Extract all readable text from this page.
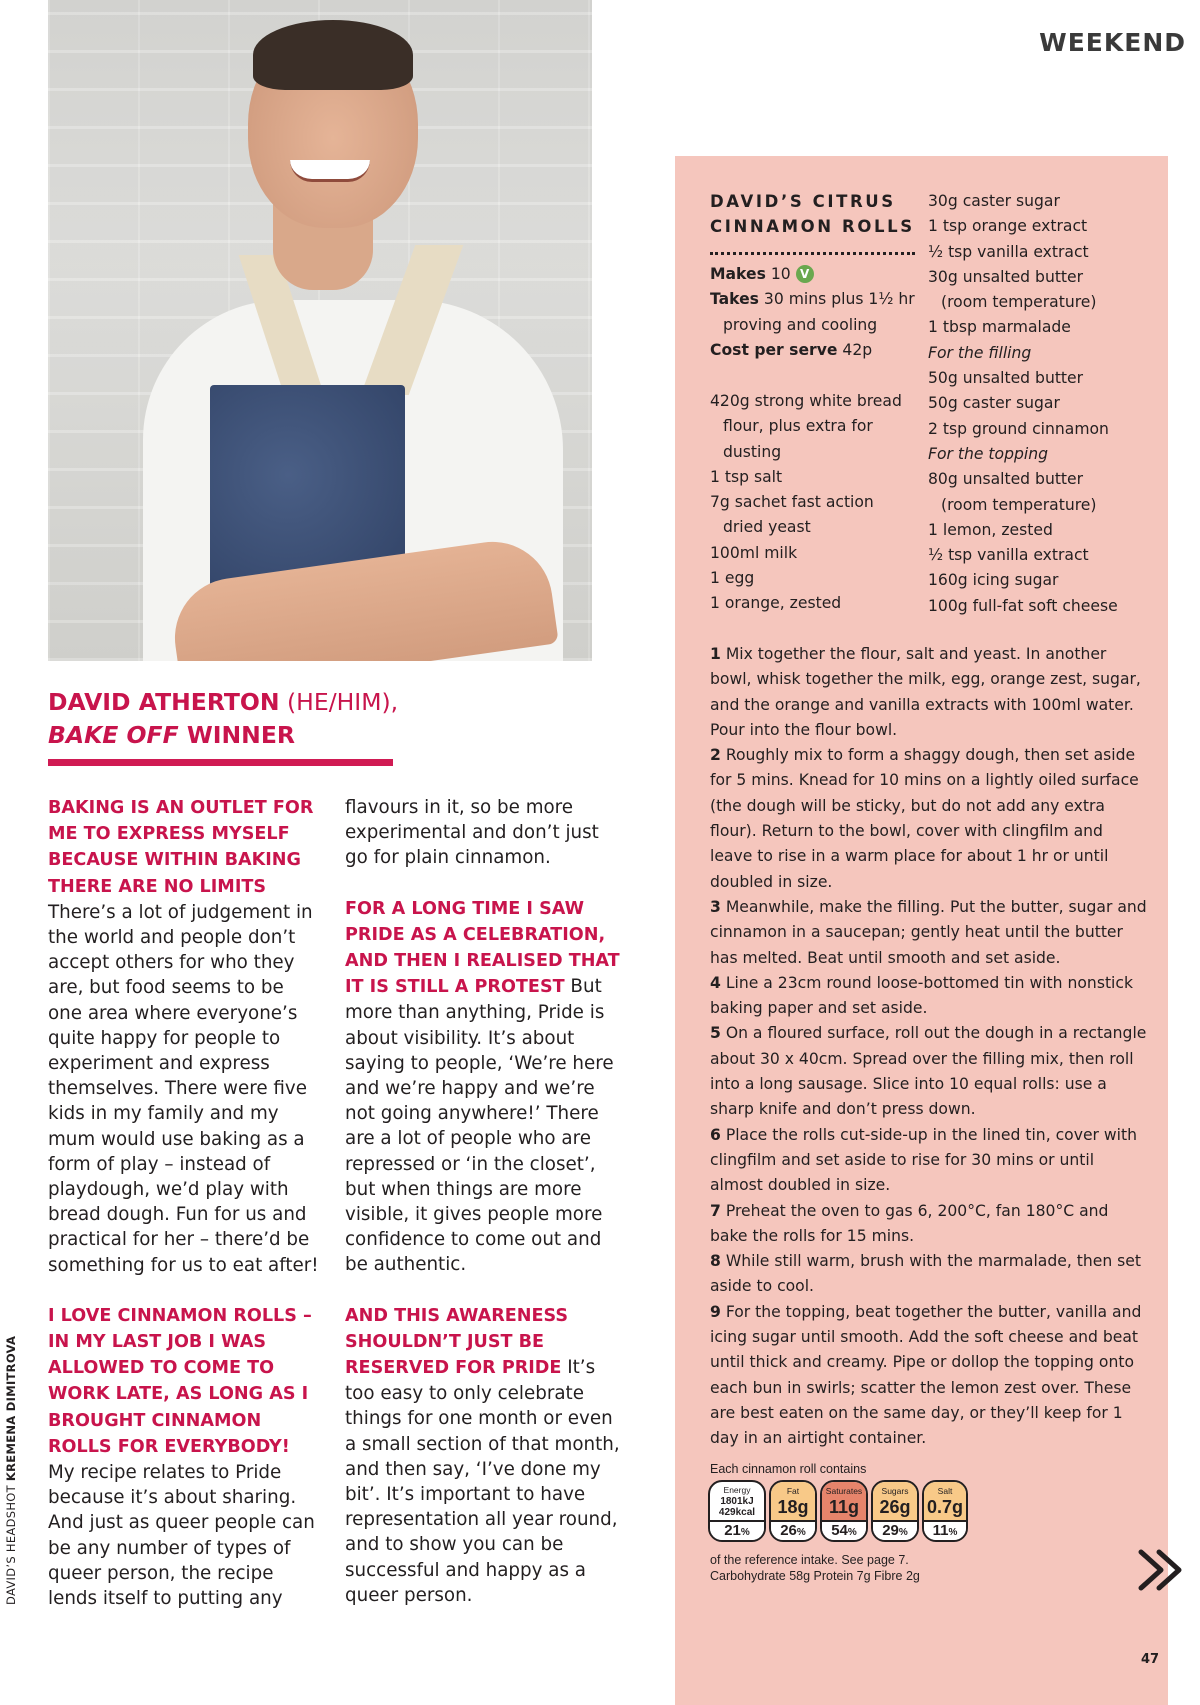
WEEKEND
DAVID ATHERTON (HE/HIM),
BAKE OFF WINNER
BAKING IS AN OUTLET FOR ME TO EXPRESS MYSELF BECAUSE WITHIN BAKING THERE ARE NO LIMITS
There’s a lot of judgement in the world and people don’t accept others for who they are, but food seems to be one area where everyone’s quite happy for people to experiment and express themselves. There were five kids in my family and my mum would use baking as a form of play – instead of playdough, we’d play with bread dough. Fun for us and practical for her – there’d be something for us to eat after!
I LOVE CINNAMON ROLLS – IN MY LAST JOB I WAS ALLOWED TO COME TO WORK LATE, AS LONG AS I BROUGHT CINNAMON ROLLS FOR EVERYBODY!
My recipe relates to Pride because it’s about sharing. And just as queer people can be any number of types of queer person, the recipe lends itself to putting any
flavours in it, so be more experimental and don’t just go for plain cinnamon.
FOR A LONG TIME I SAW PRIDE AS A CELEBRATION, AND THEN I REALISED THAT IT IS STILL A PROTEST But more than anything, Pride is about visibility. It’s about saying to people, ‘We’re here and we’re happy and we’re not going anywhere!’ There are a lot of people who are repressed or ‘in the closet’, but when things are more visible, it gives people more confidence to come out and be authentic.
AND THIS AWARENESS SHOULDN’T JUST BE RESERVED FOR PRIDE It’s too easy to only celebrate things for one month or even a small section of that month, and then say, ‘I’ve done my bit’. It’s important to have representation all year round, and to show you can be successful and happy as a queer person.
DAVID’S HEADSHOT KREMENA DIMITROVA
DAVID’S CITRUS CINNAMON ROLLS
Makes 10 V
Takes 30 mins plus 1½ hr
proving and cooling
Cost per serve 42p
420g strong white bread
flour, plus extra for
dusting
1 tsp salt
7g sachet fast action
dried yeast
100ml milk
1 egg
1 orange, zested
30g caster sugar
1 tsp orange extract
½ tsp vanilla extract
30g unsalted butter
(room temperature)
1 tbsp marmalade
For the filling
50g unsalted butter
50g caster sugar
2 tsp ground cinnamon
For the topping
80g unsalted butter
(room temperature)
1 lemon, zested
½ tsp vanilla extract
160g icing sugar
100g full-fat soft cheese
1 Mix together the flour, salt and yeast. In another bowl, whisk together the milk, egg, orange zest, sugar, and the orange and vanilla extracts with 100ml water. Pour into the flour bowl.
2 Roughly mix to form a shaggy dough, then set aside for 5 mins. Knead for 10 mins on a lightly oiled surface (the dough will be sticky, but do not add any extra flour). Return to the bowl, cover with clingfilm and leave to rise in a warm place for about 1 hr or until doubled in size.
3 Meanwhile, make the filling. Put the butter, sugar and cinnamon in a saucepan; gently heat until the butter has melted. Beat until smooth and set aside.
4 Line a 23cm round loose-bottomed tin with nonstick baking paper and set aside.
5 On a floured surface, roll out the dough in a rectangle about 30 x 40cm. Spread over the filling mix, then roll into a long sausage. Slice into 10 equal rolls: use a sharp knife and don’t press down.
6 Place the rolls cut-side-up in the lined tin, cover with clingfilm and set aside to rise for 30 mins or until almost doubled in size.
7 Preheat the oven to gas 6, 200°C, fan 180°C and bake the rolls for 15 mins.
8 While still warm, brush with the marmalade, then set aside to cool.
9 For the topping, beat together the butter, vanilla and icing sugar until smooth. Add the soft cheese and beat until thick and creamy. Pipe or dollop the topping onto each bun in swirls; scatter the lemon zest over. These are best eaten on the same day, or they’ll keep for 1 day in an airtight container.
Each cinnamon roll contains
Energy
1801kJ
429kcal
21%
Fat
18g
26%
Saturates
11g
54%
Sugars
26g
29%
Salt
0.7g
11%
of the reference intake. See page 7.
Carbohydrate 58g Protein 7g Fibre 2g
47
